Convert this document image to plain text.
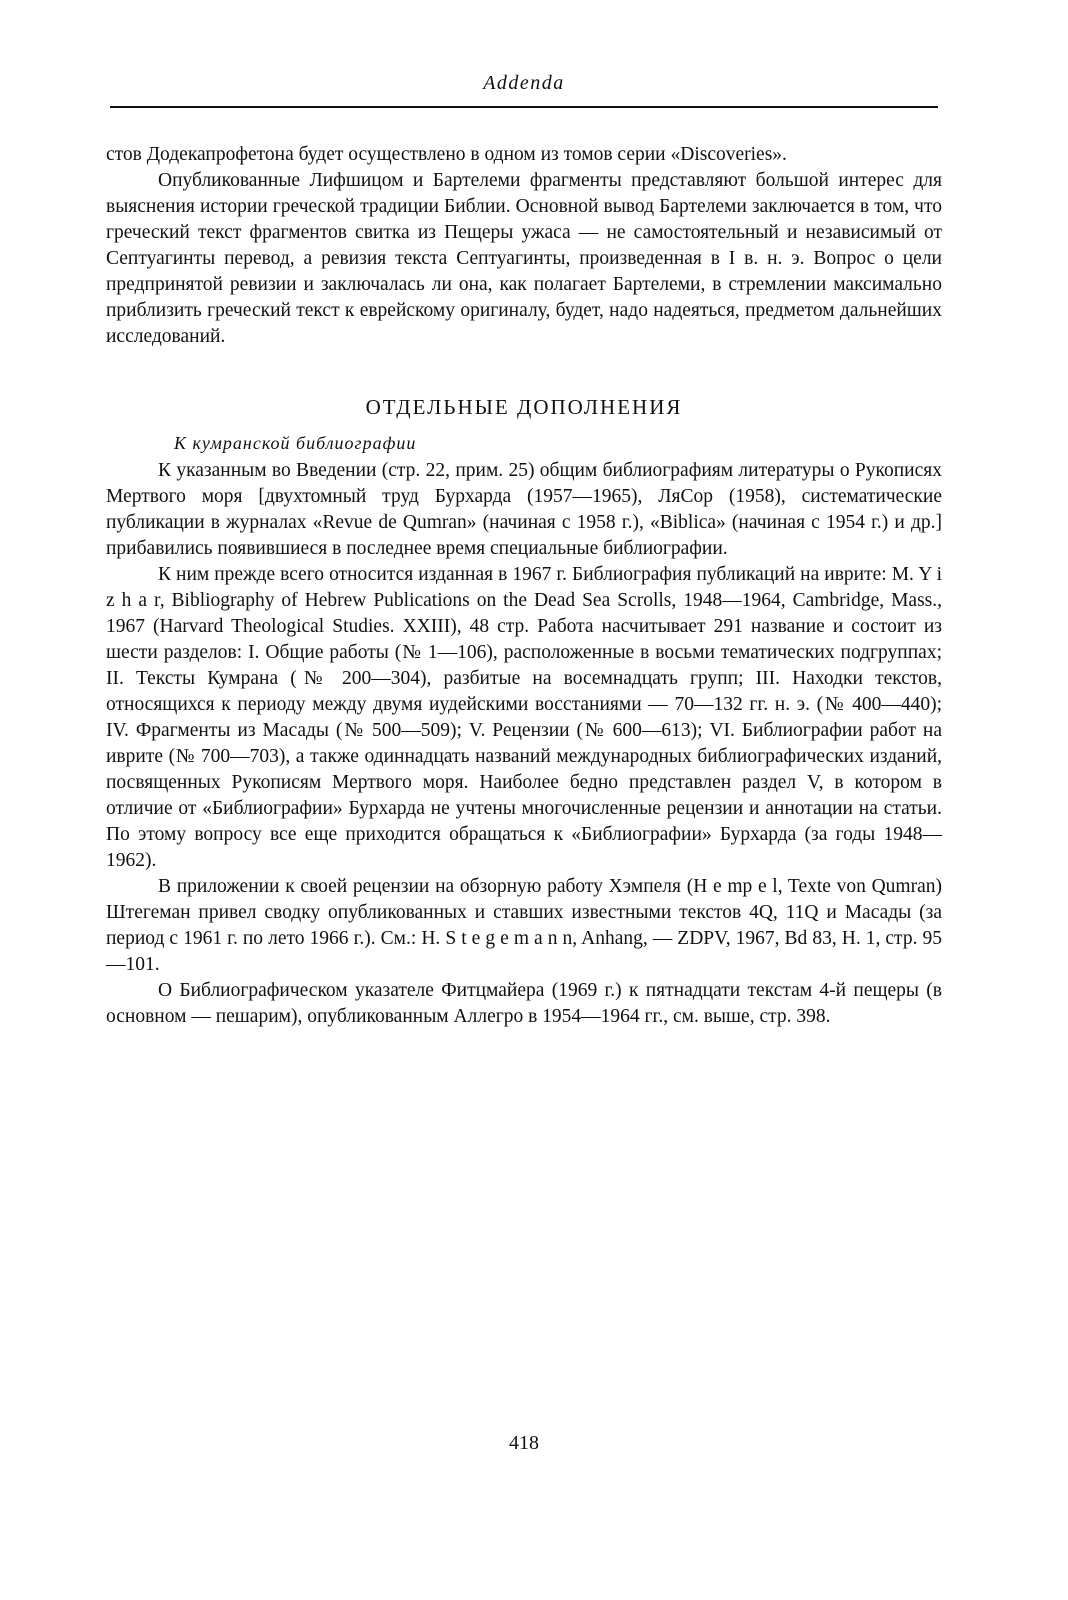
Addenda

стов Додекапрофетона будет осуществлено в одном из томов серии «Discoveries».

Опубликованные Лифшицом и Бартелеми фрагменты представляют большой интерес для выяснения истории греческой традиции Библии. Основной вывод Бартелеми заключается в том, что греческий текст фрагментов свитка из Пещеры ужаса — не самостоятельный и независимый от Септуагинты перевод, а ревизия текста Септуагинты, произведенная в I в. н. э. Вопрос о цели предпринятой ревизии и заключалась ли она, как полагает Бартелеми, в стремлении максимально приблизить греческий текст к еврейскому оригиналу, будет, надо надеяться, предметом дальнейших исследований.

ОТДЕЛЬНЫЕ ДОПОЛНЕНИЯ
К кумранской библиографии

К указанным во Введении (стр. 22, прим. 25) общим библиографиям литературы о Рукописях Мертвого моря [двухтомный труд Бурхарда (1957—1965), ЛяСор (1958), систематические публикации в журналах «Revue de Qumran» (начиная с 1958 г.), «Biblica» (начиная с 1954 г.) и др.] прибавились появившиеся в последнее время специальные библиографии.

К ним прежде всего относится изданная в 1967 г. Библиография публикаций на иврите: M. Y i z h a r, Bibliography of Hebrew Publications on the Dead Sea Scrolls, 1948—1964, Cambridge, Mass., 1967 (Harvard Theological Studies. XXIII), 48 стр. Работа насчитывает 291 название и состоит из шести разделов: I. Общие работы (№ 1—106), расположенные в восьми тематических подгруппах; II. Тексты Кумрана (№ 200—304), разбитые на восемнадцать групп; III. Находки текстов, относящихся к периоду между двумя иудейскими восстаниями — 70—132 гг. н. э. (№ 400—440); IV. Фрагменты из Масады (№ 500—509); V. Рецензии (№ 600—613); VI. Библиографии работ на иврите (№ 700—703), а также одиннадцать названий международных библиографических изданий, посвященных Рукописям Мертвого моря. Наиболее бедно представлен раздел V, в котором в отличие от «Библиографии» Бурхарда не учтены многочисленные рецензии и аннотации на статьи. По этому вопросу все еще приходится обращаться к «Библиографии» Бурхарда (за годы 1948—1962).

В приложении к своей рецензии на обзорную работу Хэмпеля (H e mp e l, Texte von Qumran) Штегеман привел сводку опубликованных и ставших известными текстов 4Q, 11Q и Масады (за период с 1961 г. по лето 1966 г.). См.: H. S t e g e m a n n, Anhang, — ZDPV, 1967, Bd 83, H. 1, стр. 95—101.

О Библиографическом указателе Фитцмайера (1969 г.) к пятнадцати текстам 4-й пещеры (в основном — пешарим), опубликованным Аллегро в 1954—1964 гг., см. выше, стр. 398.

418
